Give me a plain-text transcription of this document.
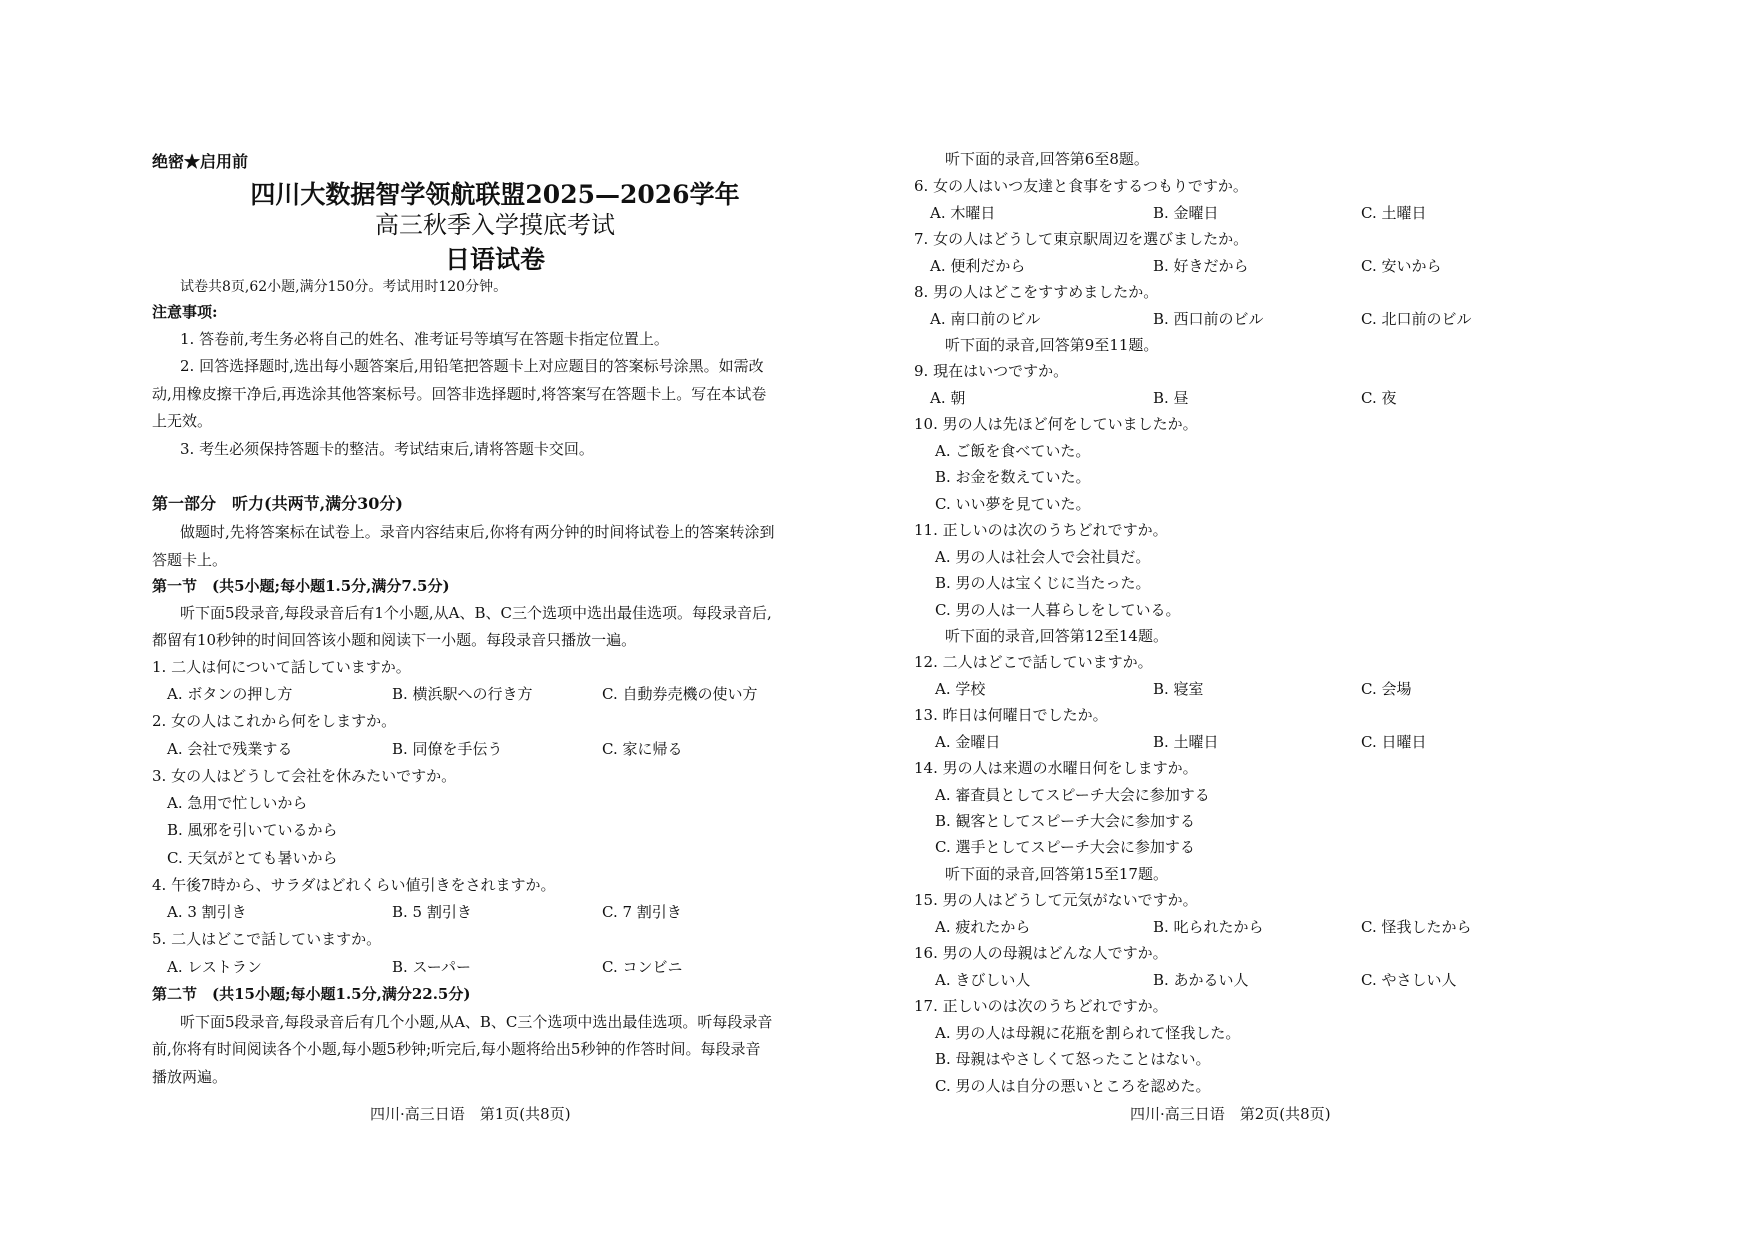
绝密★启用前
四川大数据智学领航联盟2025—2026学年
高三秋季入学摸底考试
日语试卷
试卷共8页,62小题,满分150分。考试用时120分钟。
注意事项:
1. 答卷前,考生务必将自己的姓名、准考证号等填写在答题卡指定位置上。
2. 回答选择题时,选出每小题答案后,用铅笔把答题卡上对应题目的答案标号涂黑。如需改
动,用橡皮擦干净后,再选涂其他答案标号。回答非选择题时,将答案写在答题卡上。写在本试卷
上无效。
3. 考生必须保持答题卡的整洁。考试结束后,请将答题卡交回。
第一部分　听力(共两节,满分30分)
做题时,先将答案标在试卷上。录音内容结束后,你将有两分钟的时间将试卷上的答案转涂到
答题卡上。
第一节　(共5小题;每小题1.5分,满分7.5分)
听下面5段录音,每段录音后有1个小题,从A、B、C三个选项中选出最佳选项。每段录音后,
都留有10秒钟的时间回答该小题和阅读下一小题。每段录音只播放一遍。
1. 二人は何について話していますか。
A. ボタンの押し方	B. 横浜駅への行き方	C. 自動券売機の使い方
2. 女の人はこれから何をしますか。
A. 会社で残業する	B. 同僚を手伝う	C. 家に帰る
3. 女の人はどうして会社を休みたいですか。
A. 急用で忙しいから
B. 風邪を引いているから
C. 天気がとても暑いから
4. 午後7時から、サラダはどれくらい値引きをされますか。
A. 3 割引き	B. 5 割引き	C. 7 割引き
5. 二人はどこで話していますか。
A. レストラン	B. スーパー	C. コンビニ
第二节　(共15小题;每小题1.5分,满分22.5分)
听下面5段录音,每段录音后有几个小题,从A、B、C三个选项中选出最佳选项。听每段录音
前,你将有时间阅读各个小题,每小题5秒钟;听完后,每小题将给出5秒钟的作答时间。每段录音
播放两遍。
四川·高三日语　第1页(共8页)
听下面的录音,回答第6至8题。
6. 女の人はいつ友達と食事をするつもりですか。
A. 木曜日	B. 金曜日	C. 土曜日
7. 女の人はどうして東京駅周辺を選びましたか。
A. 便利だから	B. 好きだから	C. 安いから
8. 男の人はどこをすすめましたか。
A. 南口前のビル	B. 西口前のビル	C. 北口前のビル
听下面的录音,回答第9至11题。
9. 現在はいつですか。
A. 朝	B. 昼	C. 夜
10. 男の人は先ほど何をしていましたか。
A. ご飯を食べていた。
B. お金を数えていた。
C. いい夢を見ていた。
11. 正しいのは次のうちどれですか。
A. 男の人は社会人で会社員だ。
B. 男の人は宝くじに当たった。
C. 男の人は一人暮らしをしている。
听下面的录音,回答第12至14题。
12. 二人はどこで話していますか。
A. 学校	B. 寝室	C. 会場
13. 昨日は何曜日でしたか。
A. 金曜日	B. 土曜日	C. 日曜日
14. 男の人は来週の水曜日何をしますか。
A. 審査員としてスピーチ大会に参加する
B. 観客としてスピーチ大会に参加する
C. 選手としてスピーチ大会に参加する
听下面的录音,回答第15至17题。
15. 男の人はどうして元気がないですか。
A. 疲れたから	B. 叱られたから	C. 怪我したから
16. 男の人の母親はどんな人ですか。
A. きびしい人	B. あかるい人	C. やさしい人
17. 正しいのは次のうちどれですか。
A. 男の人は母親に花瓶を割られて怪我した。
B. 母親はやさしくて怒ったことはない。
C. 男の人は自分の悪いところを認めた。
四川·高三日语　第2页(共8页)
